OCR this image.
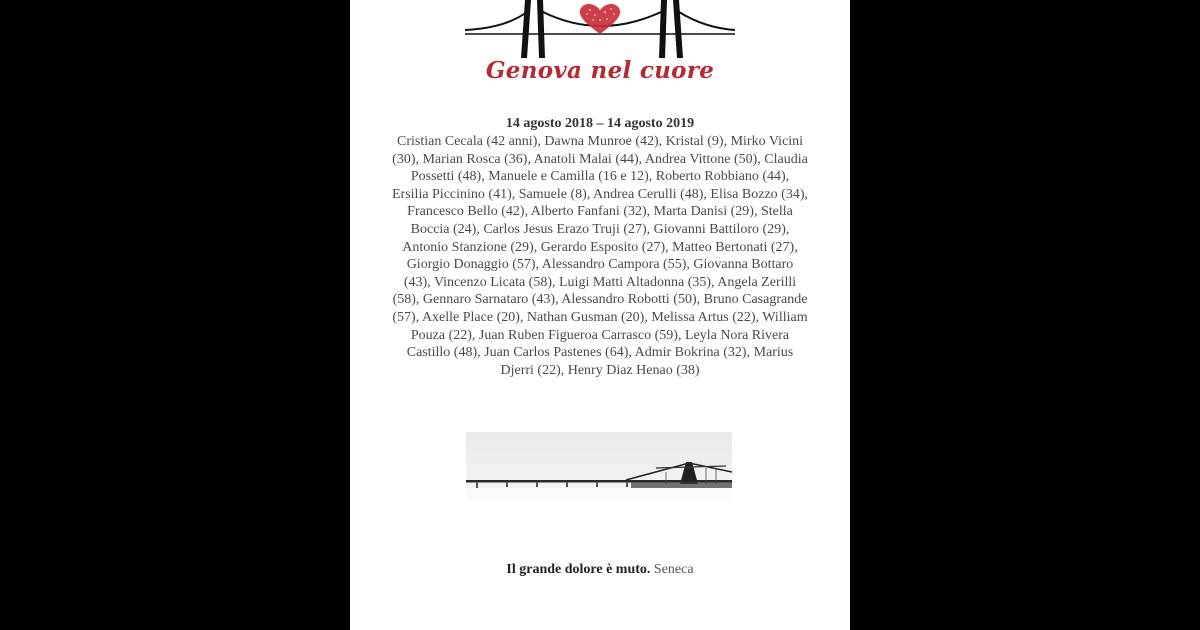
Genova nel cuore
14 agosto 2018 – 14 agosto 2019
Cristian Cecala (42 anni), Dawna Munroe (42), Kristal (9), Mirko Vicini (30), Marian Rosca (36), Anatoli Malai (44), Andrea Vittone (50), Claudia Possetti (48), Manuele e Camilla (16 e 12), Roberto Robbiano (44), Ersilia Piccinino (41), Samuele (8), Andrea Cerulli (48), Elisa Bozzo (34), Francesco Bello (42), Alberto Fanfani (32), Marta Danisi (29), Stella Boccia (24), Carlos Jesus Erazo Truji (27), Giovanni Battiloro (29), Antonio Stanzione (29), Gerardo Esposito (27), Matteo Bertonati (27), Giorgio Donaggio (57), Alessandro Campora (55), Giovanna Bottaro (43), Vincenzo Licata (58), Luigi Matti Altadonna (35), Angela Zerilli (58), Gennaro Sarnataro (43), Alessandro Robotti (50), Bruno Casagrande (57), Axelle Place (20), Nathan Gusman (20), Melissa Artus (22), William Pouza (22), Juan Ruben Figueroa Carrasco (59), Leyla Nora Rivera Castillo (48), Juan Carlos Pastenes (64), Admir Bokrina (32), Marius Djerri (22), Henry Diaz Henao (38)
Il grande dolore è muto. Seneca
